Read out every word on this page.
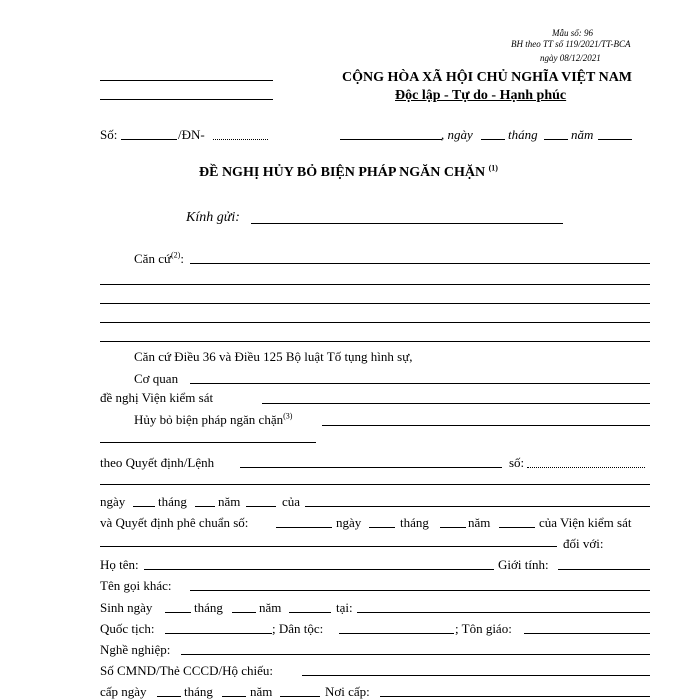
Mẫu số: 96
BH theo TT số 119/2021/TT-BCA
ngày 08/12/2021
CỘNG HÒA XÃ HỘI CHỦ NGHĨA VIỆT NAM
Độc lập - Tự do - Hạnh phúc
Số:	/ĐN-	, ngày	tháng	năm
ĐỀ NGHỊ HỦY BỎ BIỆN PHÁP NGĂN CHẶN $^{(1)}$
Kính gửi:
Căn cứ$^{(2)}$:
Căn cứ Điều 36 và Điều 125 Bộ luật Tố tụng hình sự,
Cơ quan
đề nghị Viện kiểm sát
Hủy bỏ biện pháp ngăn chặn$^{(3)}$
theo Quyết định/Lệnh	số:
ngày	tháng năm	của
và Quyết định phê chuẩn số:	ngày	tháng	năm	của Viện kiểm sát
đối với:
Họ tên:	Giới tính:
Tên gọi khác:
Sinh ngày	tháng	năm	tại:
Quốc tịch:	; Dân tộc:	; Tôn giáo:
Nghề nghiệp:
Số CMND/Thẻ CCCD/Hộ chiếu:
cấp ngày	tháng	năm	Nơi cấp:
